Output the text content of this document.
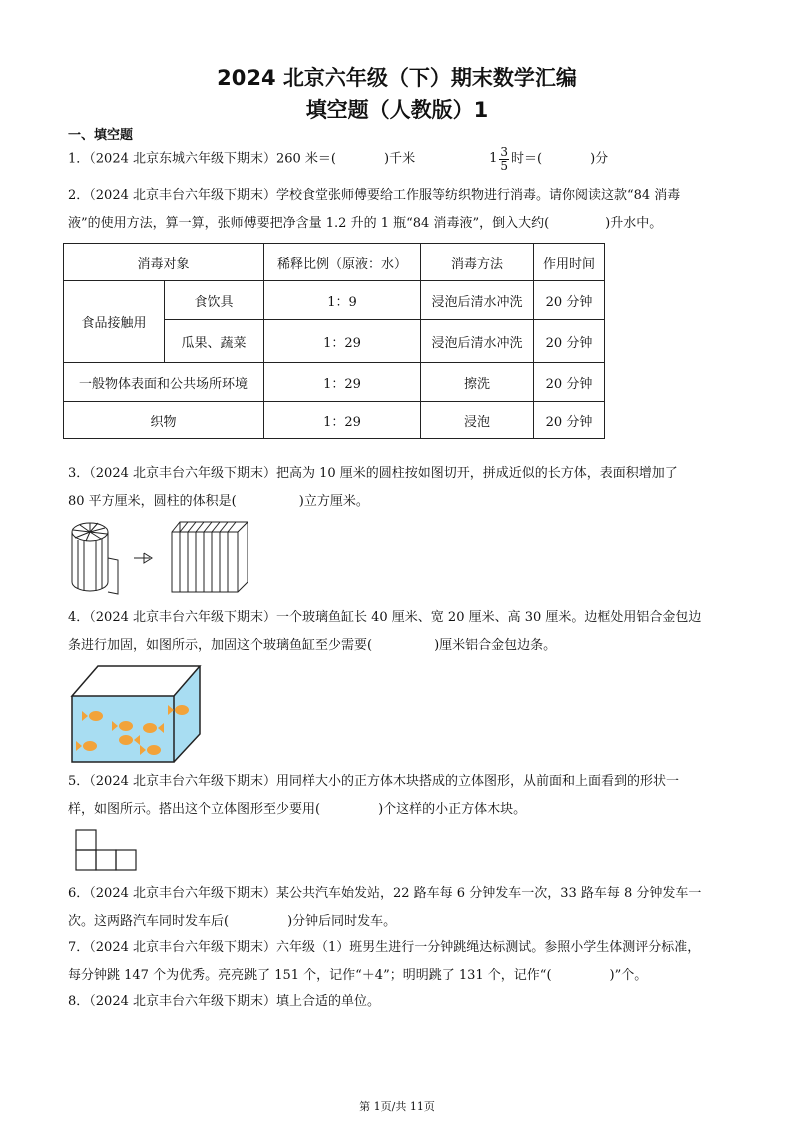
2024 北京六年级（下）期末数学汇编
填空题（人教版）1
一、填空题
1．（2024 北京东城六年级下期末）260 米＝(	)千米	$1 \frac{3}{5}$ 时＝(	)分
2．（2024 北京丰台六年级下期末）学校食堂张师傅要给工作服等纺织物进行消毒。请你阅读这款“84 消毒
液”的使用方法，算一算，张师傅要把净含量 1.2 升的 1 瓶“84 消毒液”，倒入大约(	)升水中。
消毒对象		稀释比例（原液：水）	消毒方法	作用时间
食品接触用	食饮具	1：9	浸泡后清水冲洗	20 分钟
	瓜果、蔬菜	1：29	浸泡后清水冲洗	20 分钟
一般物体表面和公共场所环境		1：29	擦洗	20 分钟
织物		1：29	浸泡	20 分钟
3．（2024 北京丰台六年级下期末）把高为 10 厘米的圆柱按如图切开，拼成近似的长方体，表面积增加了
80 平方厘米，圆柱的体积是(	)立方厘米。
4．（2024 北京丰台六年级下期末）一个玻璃鱼缸长 40 厘米、宽 20 厘米、高 30 厘米。边框处用铝合金包边
条进行加固，如图所示，加固这个玻璃鱼缸至少需要(	)厘米铝合金包边条。
5．（2024 北京丰台六年级下期末）用同样大小的正方体木块搭成的立体图形，从前面和上面看到的形状一
样，如图所示。搭出这个立体图形至少要用(	)个这样的小正方体木块。
6．（2024 北京丰台六年级下期末）某公共汽车始发站，22 路车每 6 分钟发车一次，33 路车每 8 分钟发车一
次。这两路汽车同时发车后(	)分钟后同时发车。
7．（2024 北京丰台六年级下期末）六年级（1）班男生进行一分钟跳绳达标测试。参照小学生体测评分标准，
每分钟跳 147 个为优秀。亮亮跳了 151 个，记作“＋4”；明明跳了 131 个，记作“(	)”个。
8．（2024 北京丰台六年级下期末）填上合适的单位。
第 1页/共 11页
